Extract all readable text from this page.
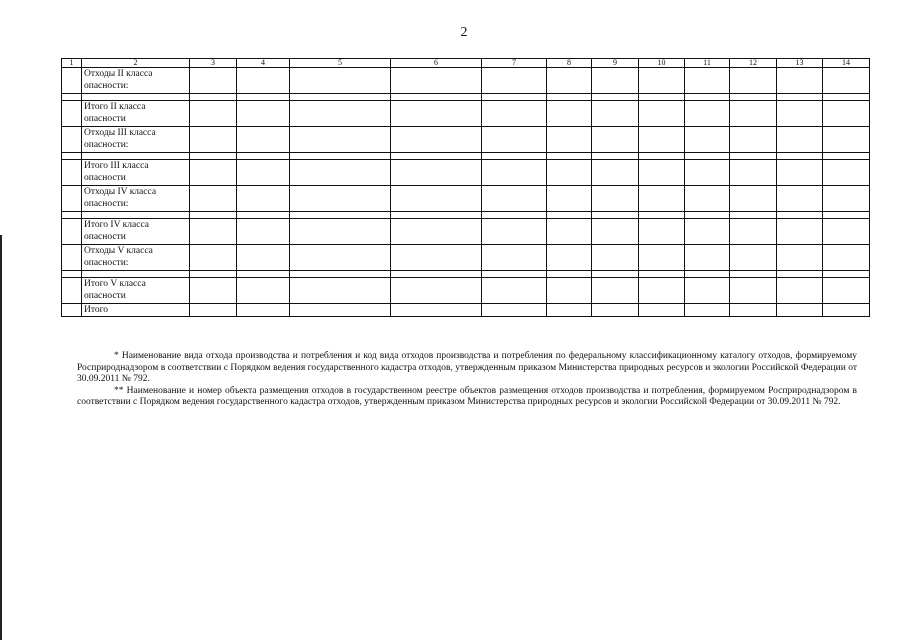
2
1	2	3	4	5	6	7	8	9	10	11	12	13	14
	Отходы II класса опасности:												

	Итого II класса опасности												
	Отходы III класса опасности:												

	Итого III класса опасности												
	Отходы IV класса опасности:												

	Итого IV класса опасности												
	Отходы V класса опасности:												

	Итого V класса опасности												
	Итого												

* Наименование вида отхода производства и потребления и код вида отходов производства и потребления по федеральному классификационному каталогу отходов, формируемому Росприроднадзором в соответствии с Порядком ведения государственного кадастра отходов, утвержденным приказом Министерства природных ресурсов и экологии Российской Федерации от 30.09.2011 № 792.

** Наименование и номер объекта размещения отходов в государственном реестре объектов размещения отходов производства и потребления, формируемом Росприроднадзором в соответствии с Порядком ведения государственного кадастра отходов, утвержденным приказом Министерства природных ресурсов и экологии Российской Федерации от 30.09.2011 № 792.
